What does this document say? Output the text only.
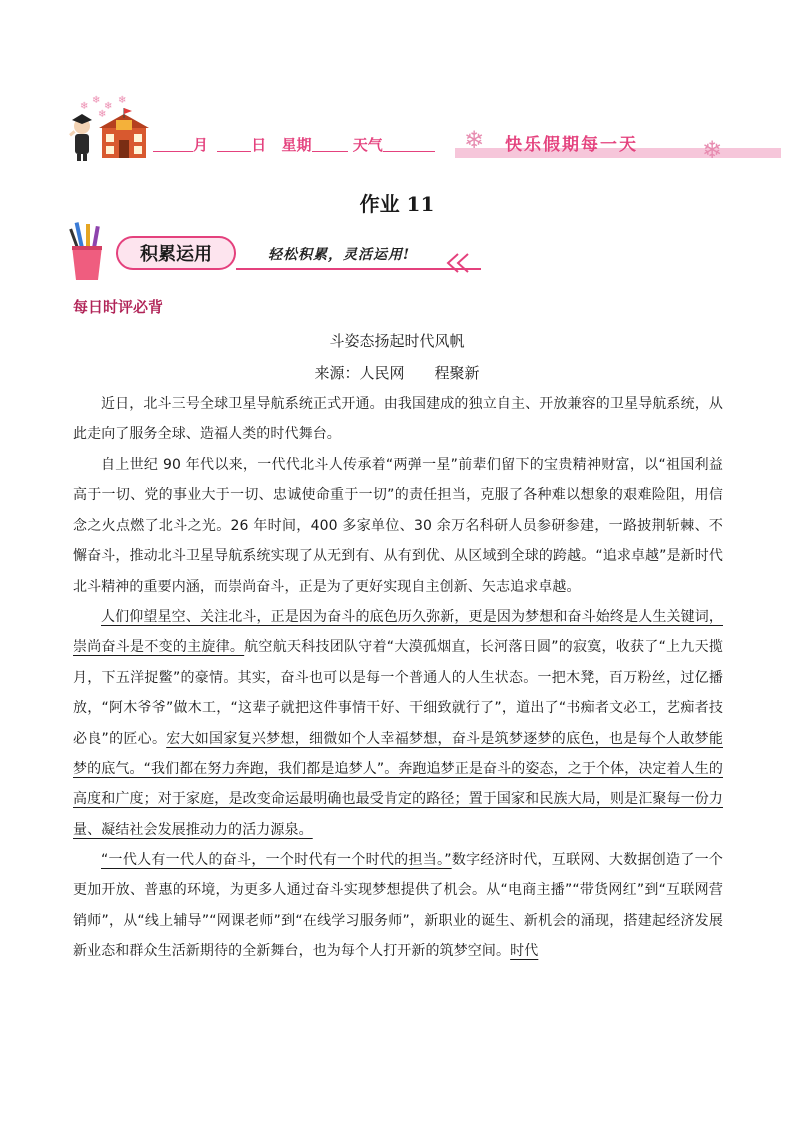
❄
❄
❄
❄
❄
月	日 星期	天气	❄ 快乐假期每一天	❄
作业 11
积累运用	轻松积累，灵活运用!
每日时评必背
斗姿态扬起时代风帆
来源：人民网　　程聚新

近日，北斗三号全球卫星导航系统正式开通。由我国建成的独立自主、开放兼容的卫星导航系统，从此走向了服务全球、造福人类的时代舞台。

自上世纪 90 年代以来，一代代北斗人传承着“两弹一星”前辈们留下的宝贵精神财富，以“祖国利益高于一切、党的事业大于一切、忠诚使命重于一切”的责任担当，克服了各种难以想象的艰难险阻，用信念之火点燃了北斗之光。26 年时间，400 多家单位、30 余万名科研人员参研参建，一路披荆斩棘、不懈奋斗，推动北斗卫星导航系统实现了从无到有、从有到优、从区域到全球的跨越。“追求卓越”是新时代北斗精神的重要内涵，而崇尚奋斗，正是为了更好实现自主创新、矢志追求卓越。

人们仰望星空、关注北斗，正是因为奋斗的底色历久弥新，更是因为梦想和奋斗始终是人生关键词，崇尚奋斗是不变的主旋律。航空航天科技团队守着“大漠孤烟直，长河落日圆”的寂寞，收获了“上九天揽月，下五洋捉鳖”的豪情。其实，奋斗也可以是每一个普通人的人生状态。一把木凳，百万粉丝，过亿播放，“阿木爷爷”做木工，“这辈子就把这件事情干好、干细致就行了”，道出了“书痴者文必工，艺痴者技必良”的匠心。宏大如国家复兴梦想，细微如个人幸福梦想，奋斗是筑梦逐梦的底色，也是每个人敢梦能梦的底气。“我们都在努力奔跑，我们都是追梦人”。奔跑追梦正是奋斗的姿态，之于个体，决定着人生的高度和广度；对于家庭，是改变命运最明确也最受肯定的路径；置于国家和民族大局，则是汇聚每一份力量、凝结社会发展推动力的活力源泉。

“一代人有一代人的奋斗，一个时代有一个时代的担当。”数字经济时代，互联网、大数据创造了一个更加开放、普惠的环境，为更多人通过奋斗实现梦想提供了机会。从“电商主播”“带货网红”到“互联网营销师”，从“线上辅导”“网课老师”到“在线学习服务师”，新职业的诞生、新机会的涌现，搭建起经济发展新业态和群众生活新期待的全新舞台，也为每个人打开新的筑梦空间。时代
